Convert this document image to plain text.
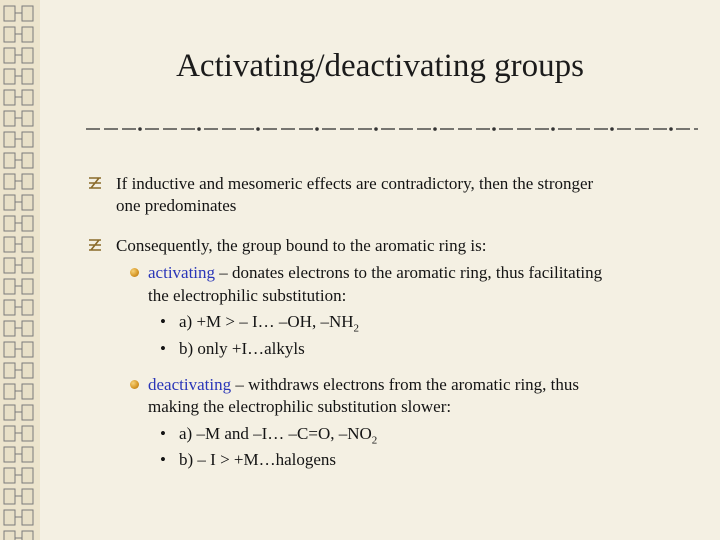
Activating/deactivating groups
If inductive and mesomeric effects are contradictory, then the stronger
one predominates
Consequently, the group bound to the aromatic ring is:
activating – donates electrons to the aromatic ring, thus facilitating
the electrophilic substitution:
• a) +M > – I… –OH, $-NH_2$
• b) only +I…alkyls
deactivating – withdraws electrons from the aromatic ring, thus
making the electrophilic substitution slower:
• a) –M and –I… –C=O, $-NO_2$
• b) – I > +M…halogens
